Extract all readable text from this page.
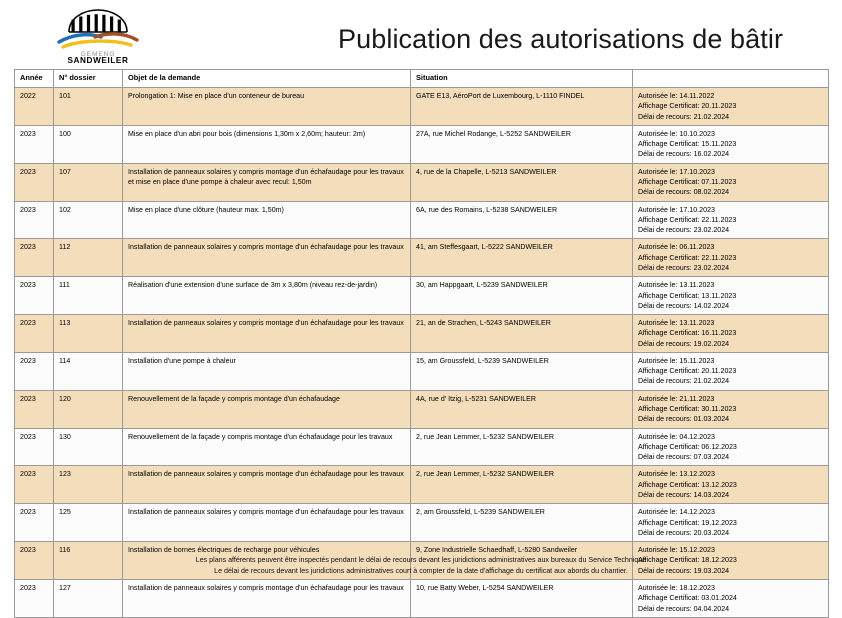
GEMENG
SANDWEILER
Publication des autorisations de bâtir
Année	N° dossier	Objet de la demande	Situation	
2022	101	Prolongation 1: Mise en place d'un conteneur de bureau	GATE E13, AéroPort de Luxembourg, L-1110 FINDEL	Autorisée le: 14.11.2022
Affichage Certificat: 20.11.2023
Délai de recours: 21.02.2024

2023	100	Mise en place d'un abri pour bois (dimensions 1,30m x 2,60m; hauteur: 2m)	27A, rue Michel Rodange, L-5252 SANDWEILER	Autorisée le: 10.10.2023
Affichage Certificat: 15.11.2023
Délai de recours: 16.02.2024

2023	107	Installation de panneaux solaires y compris montage d'un échafaudage pour les travaux et mise en place d'une pompe à chaleur avec recul: 1,50m	4, rue de la Chapelle, L-5213 SANDWEILER	Autorisée le: 17.10.2023
Affichage Certificat: 07.11.2023
Délai de recours: 08.02.2024

2023	102	Mise en place d'une clôture (hauteur max. 1,50m)	6A, rue des Romains, L-5238 SANDWEILER	Autorisée le: 17.10.2023
Affichage Certificat: 22.11.2023
Délai de recours: 23.02.2024

2023	112	Installation de panneaux solaires y compris montage d'un échafaudage pour les travaux	41, am Steffesgaart, L-5222 SANDWEILER	Autorisée le: 06.11.2023
Affichage Certificat: 22.11.2023
Délai de recours: 23.02.2024

2023	111	Réalisation d'une extension d'une surface de 3m x 3,80m (niveau rez-de-jardin)	30, am Happgaart, L-5239 SANDWEILER	Autorisée le: 13.11.2023
Affichage Certificat: 13.11.2023
Délai de recours: 14.02.2024

2023	113	Installation de panneaux solaires y compris montage d'un échafaudage pour les travaux	21, an de Strachen, L-5243 SANDWEILER	Autorisée le: 13.11.2023
Affichage Certificat: 16.11.2023
Délai de recours: 19.02.2024

2023	114	Installation d'une pompe à chaleur	15, am Groussfeld, L-5239 SANDWEILER	Autorisée le: 15.11.2023
Affichage Certificat: 20.11.2023
Délai de recours: 21.02.2024

2023	120	Renouvellement de la façade y compris montage d'un échafaudage	4A, rue d' Itzig, L-5231 SANDWEILER	Autorisée le: 21.11.2023
Affichage Certificat: 30.11.2023
Délai de recours: 01.03.2024

2023	130	Renouvellement de la façade y compris montage d'un échafaudage pour les travaux	2, rue Jean Lemmer, L-5232 SANDWEILER	Autorisée le: 04.12.2023
Affichage Certificat: 06.12.2023
Délai de recours: 07.03.2024

2023	123	Installation de panneaux solaires y compris montage d'un échafaudage pour les travaux	2, rue Jean Lemmer, L-5232 SANDWEILER	Autorisée le: 13.12.2023
Affichage Certificat: 13.12.2023
Délai de recours: 14.03.2024

2023	125	Installation de panneaux solaires y compris montage d'un échafaudage pour les travaux	2, am Groussfeld, L-5239 SANDWEILER	Autorisée le: 14.12.2023
Affichage Certificat: 19.12.2023
Délai de recours: 20.03.2024

2023	116	Installation de bornes électriques de recharge pour véhicules	9, Zone Industrielle Schaedhaff, L-5280 Sandweiler	Autorisée le: 15.12.2023
Affichage Certificat: 18.12.2023
Délai de recours: 19.03.2024

2023	127	Installation de panneaux solaires y compris montage d'un échafaudage pour les travaux	10, rue Batty Weber, L-5254 SANDWEILER	Autorisée le: 18.12.2023
Affichage Certificat: 03.01.2024
Délai de recours: 04.04.2024
Les plans afférents peuvent être inspectés pendant le délai de recours devant les juridictions administratives aux bureaux du Service Technique
Le délai de recours devant les juridictions administratives court à compter de la date d'affichage du certificat aux abords du chantier.
